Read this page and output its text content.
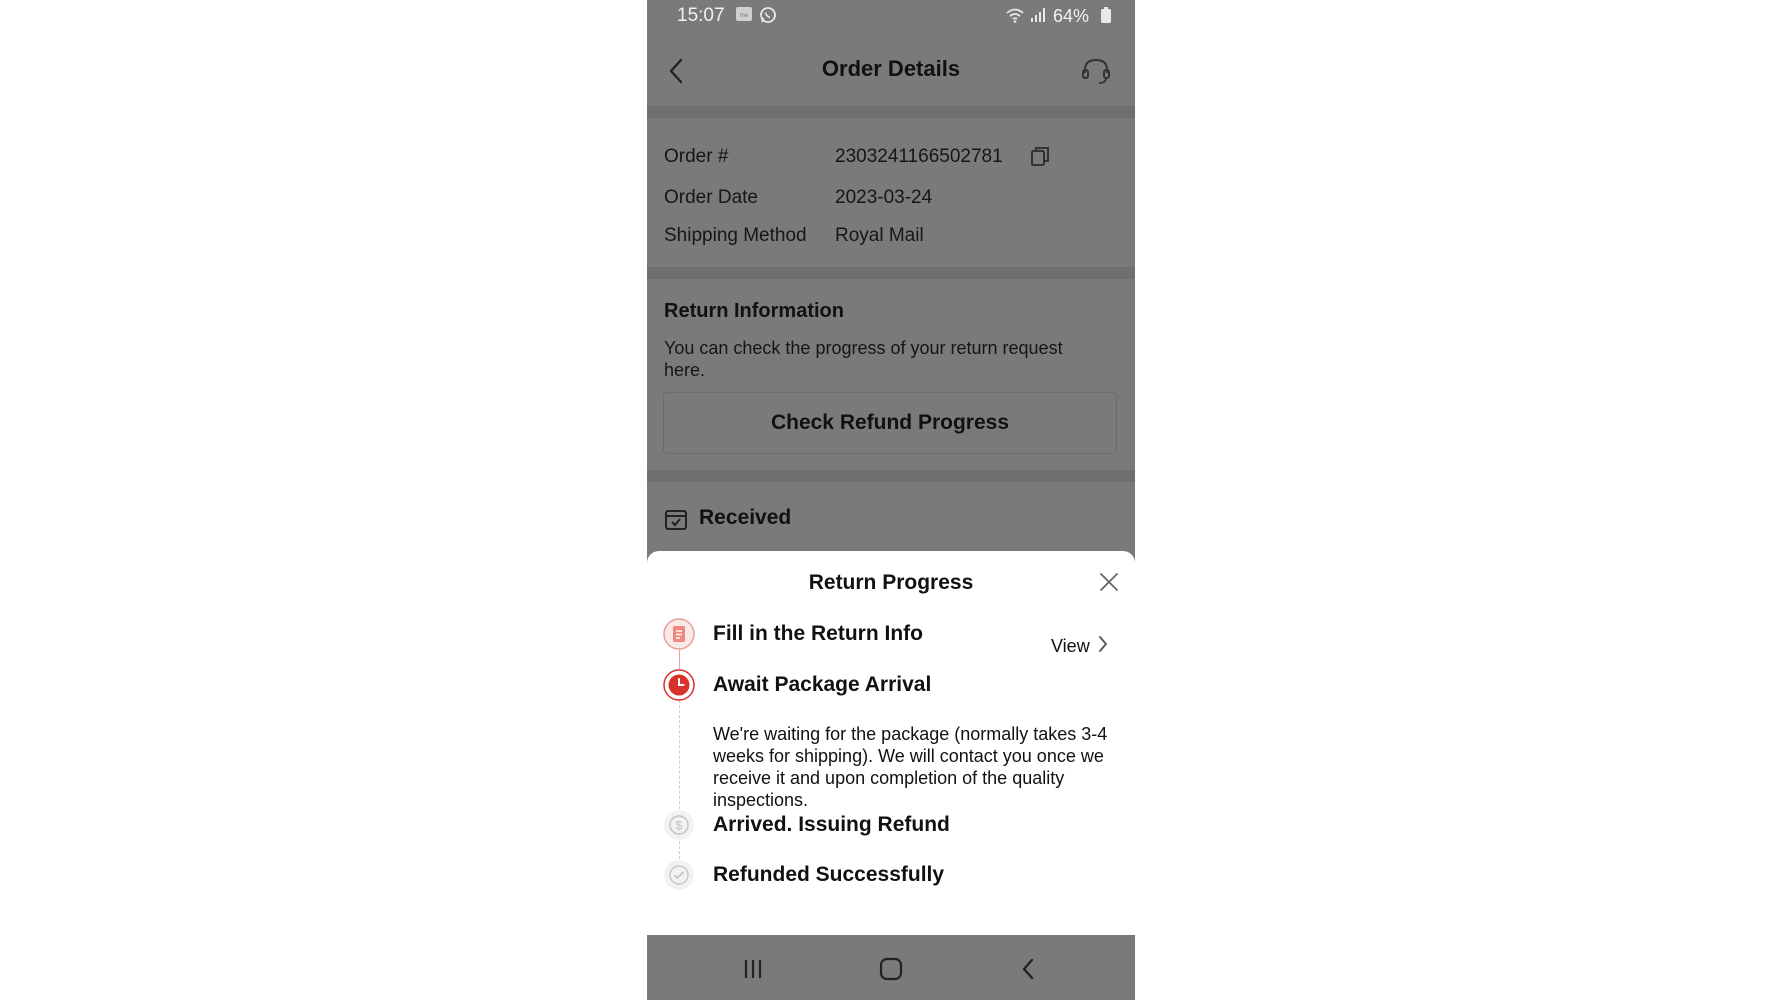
15:07	me	64%
Order Details
Order #	2303241166502781
Order Date	2023-03-24
Shipping Method Royal Mail
Return Information
You can check the progress of your return request here.
Check Refund Progress
Received
Return Progress
Fill in the Return Info
View
Await Package Arrival
We're waiting for the package (normally takes 3-4 weeks for shipping). We will contact you once we receive it and upon completion of the quality inspections.
$ Arrived. Issuing Refund
Refunded Successfully
